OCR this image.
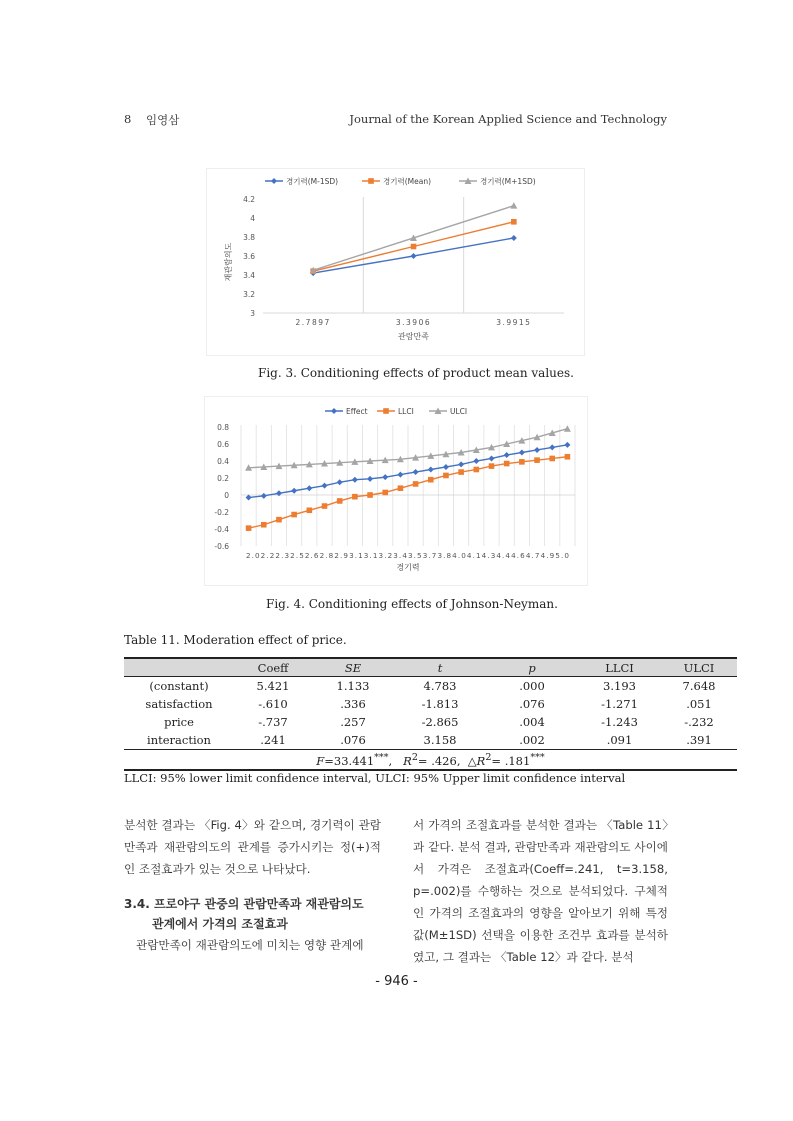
8 임영삼	Journal of the Korean Applied Science and Technology
3
3.2
3.4
3.6
3.8
4
4.2
2.7897	3.3906	3.9915
관람만족
재관람의도
경기력(M-1SD)	경기력(Mean)	경기력(M+1SD)
Fig. 3. Conditioning effects of product mean values.
-0.6
-0.4
-0.2
0
0.2
0.4
0.6
0.8
2.02.22.32.52.62.82.93.13.13.23.43.53.73.84.04.14.34.44.64.74.95.0
경기력
Effect	LLCI	ULCI
Fig. 4. Conditioning effects of Johnson-Neyman.
Table 11. Moderation effect of price.
	Coeff	SE	t	p	LLCI	ULCI
(constant)	5.421	1.133	4.783	.000	3.193	7.648
satisfaction	-.610	.336	-1.813	.076	-1.271	.051
price	-.737	.257	-2.865	.004	-1.243	-.232
interaction	.241	.076	3.158	.002	.091	.391
F=33.441***,   $R^2= .426$, $\triangle R^2= .181^{***}$
LLCI: 95% lower limit confidence interval, ULCI: 95% Upper limit confidence interval

분석한 결과는 〈Fig. 4〉와 같으며, 경기력이 관람만족과 재관람의도의 관계를 증가시키는 정(+)적인 조절효과가 있는 것으로 나타났다.

3.4. 프로야구 관중의 관람만족과 재관람의도
관계에서 가격의 조절효과

관람만족이 재관람의도에 미치는 영향 관계에

서 가격의 조절효과를 분석한 결과는 〈Table 11〉과 같다. 분석 결과, 관람만족과 재관람의도 사이에서 가격은 조절효과(Coeff=.241, t=3.158, p=.002)를 수행하는 것으로 분석되었다. 구체적인 가격의 조절효과의 영향을 알아보기 위해 특정 값(M±1SD) 선택을 이용한 조건부 효과를 분석하였고, 그 결과는 〈Table 12〉과 같다. 분석

- 946 -
